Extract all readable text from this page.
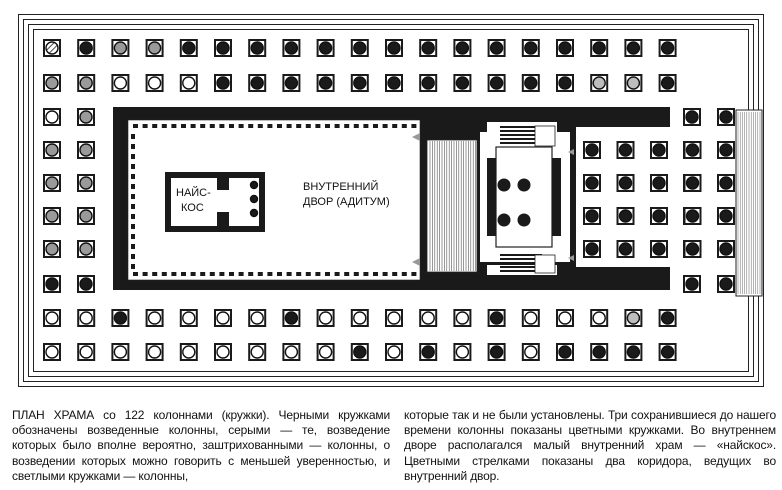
НАЙС-
КОС
ВНУТРЕННИЙ
ДВОР (АДИТУМ)

ПЛАН ХРАМА со 122 колоннами (кружки). Черными кружками обозначены возведенные колонны, серыми — те, возведение которых было вполне вероятно, заштрихованными — колонны, о возведении которых можно говорить с меньшей уверенностью, и светлыми кружками — колонны,

которые так и не были установлены. Три сохранившиеся до нашего времени колонны показаны цветными кружками. Во внутреннем дворе располагался малый внутренний храм — «найскос». Цветными стрелками показаны два коридора, ведущих во внутренний двор.
